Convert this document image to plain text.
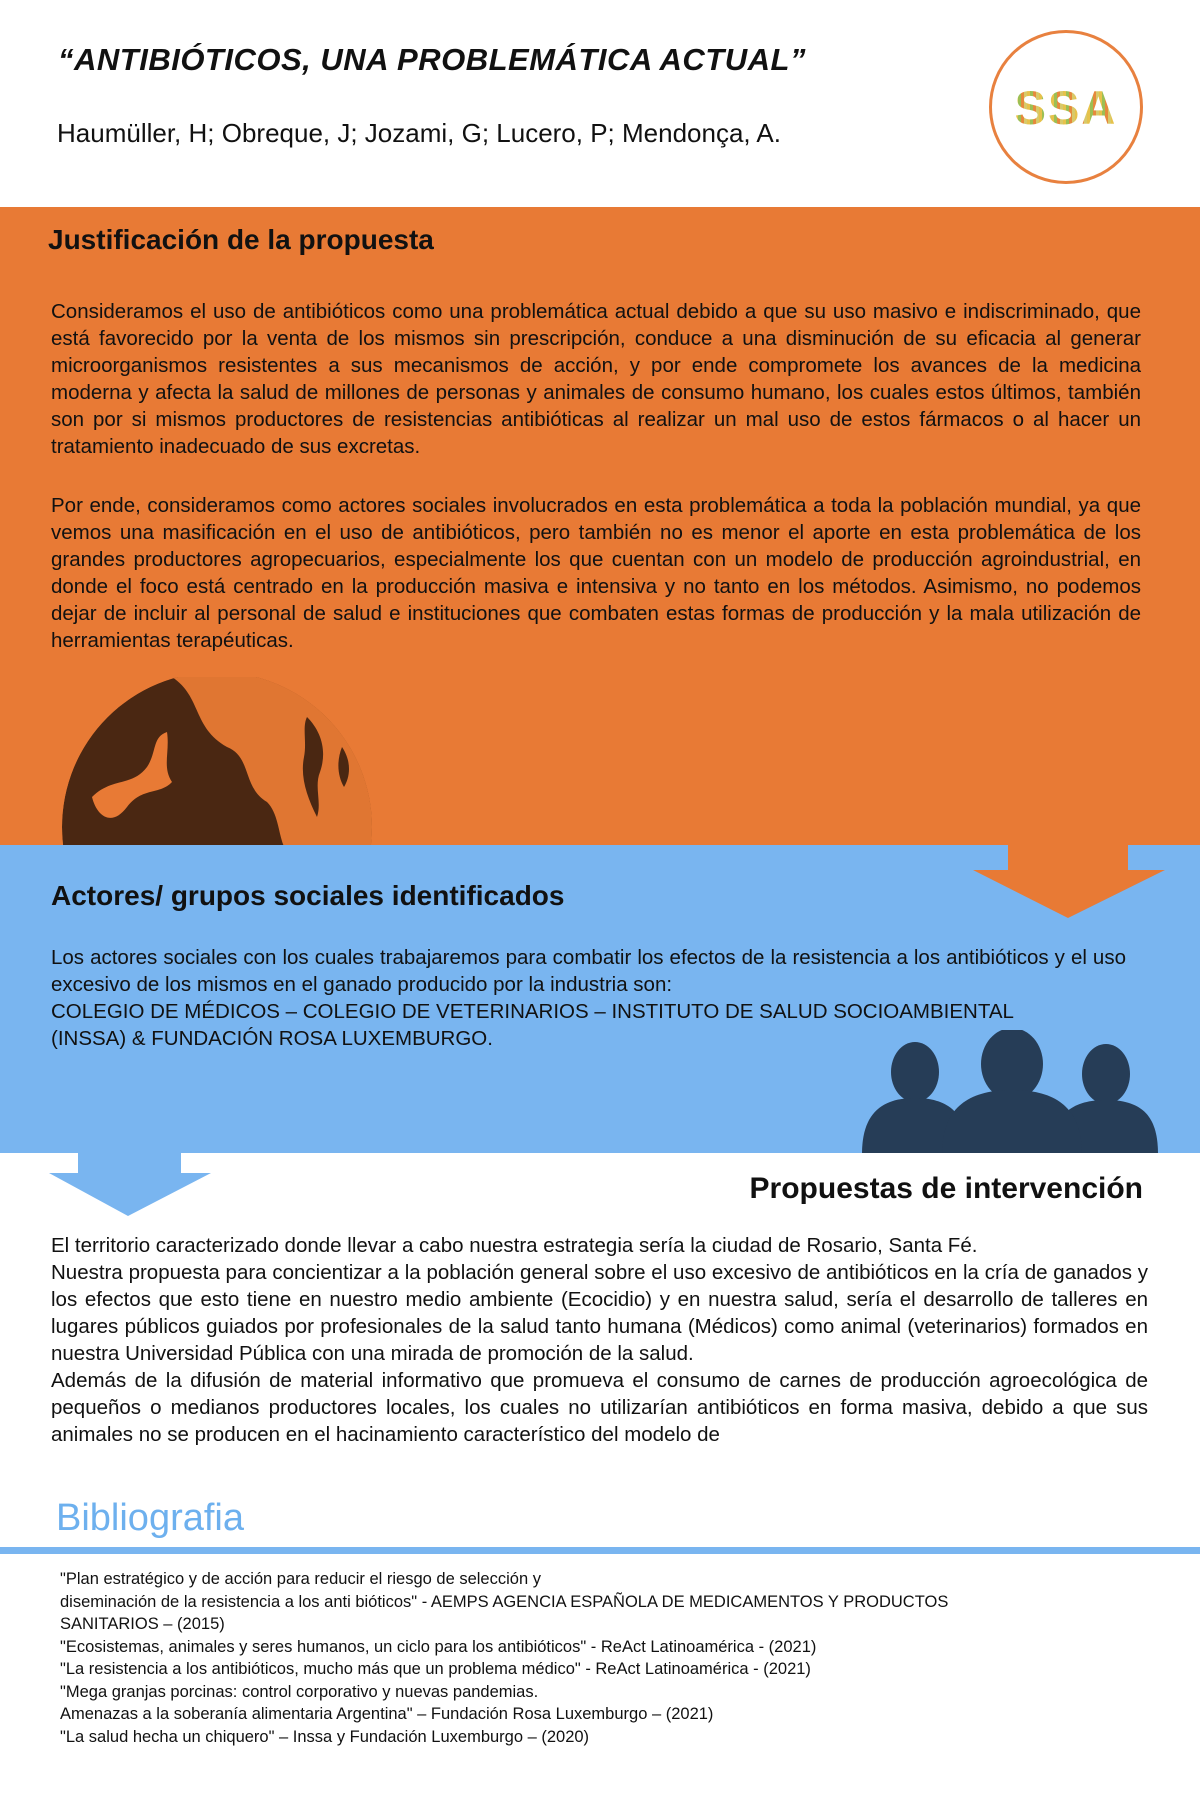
“ANTIBIÓTICOS, UNA PROBLEMÁTICA ACTUAL”
Haumüller, H; Obreque, J; Jozami, G; Lucero, P; Mendonça, A.	SSA
Justificación de la propuesta
Consideramos el uso de antibióticos como una problemática actual debido a que su uso masivo e indiscriminado, que está favorecido por la venta de los mismos sin prescripción, conduce a una disminución de su eficacia al generar microorganismos resistentes a sus mecanismos de acción, y por ende compromete los avances de la medicina moderna y afecta la salud de millones de personas y animales de consumo humano, los cuales estos últimos, también son por si mismos productores de resistencias antibióticas al realizar un mal uso de estos fármacos o al hacer un tratamiento inadecuado de sus excretas.
Por ende, consideramos como actores sociales involucrados en esta problemática a toda la población mundial, ya que vemos una masificación en el uso de antibióticos, pero también no es menor el aporte en esta problemática de los grandes productores agropecuarios, especialmente los que cuentan con un modelo de producción agroindustrial, en donde el foco está centrado en la producción masiva e intensiva y no tanto en los métodos. Asimismo, no podemos dejar de incluir al personal de salud e instituciones que combaten estas formas de producción y la mala utilización de herramientas terapéuticas.
Actores/ grupos sociales identificados
Los actores sociales con los cuales trabajaremos para combatir los efectos de la resistencia a los antibióticos y el uso excesivo de los mismos en el ganado producido por la industria son:
COLEGIO DE MÉDICOS – COLEGIO DE VETERINARIOS – INSTITUTO DE SALUD SOCIOAMBIENTAL
(INSSA) & FUNDACIÓN ROSA LUXEMBURGO.
Propuestas de intervención

El territorio caracterizado donde llevar a cabo nuestra estrategia sería la ciudad de Rosario, Santa Fé.

Nuestra propuesta para concientizar a la población general sobre el uso excesivo de antibióticos en la cría de ganados y los efectos que esto tiene en nuestro medio ambiente (Ecocidio) y en nuestra salud, sería el desarrollo de talleres en lugares públicos guiados por profesionales de la salud tanto humana (Médicos) como animal (veterinarios) formados en nuestra Universidad Pública con una mirada de promoción de la salud.

Además de la difusión de material informativo que promueva el consumo de carnes de producción agroecológica de pequeños o medianos productores locales, los cuales no utilizarían antibióticos en forma masiva, debido a que sus animales no se producen en el hacinamiento característico del modelo de

Bibliografia
"Plan estratégico y de acción para reducir el riesgo de selección y
diseminación de la resistencia a los anti bióticos" - AEMPS AGENCIA ESPAÑOLA DE MEDICAMENTOS Y PRODUCTOS
SANITARIOS – (2015)
"Ecosistemas, animales y seres humanos, un ciclo para los antibióticos" - ReAct Latinoamérica - (2021)
"La resistencia a los antibióticos, mucho más que un problema médico" - ReAct Latinoamérica - (2021)
"Mega granjas porcinas: control corporativo y nuevas pandemias.
Amenazas a la soberanía alimentaria Argentina" – Fundación Rosa Luxemburgo – (2021)
"La salud hecha un chiquero" – Inssa y Fundación Luxemburgo – (2020)
